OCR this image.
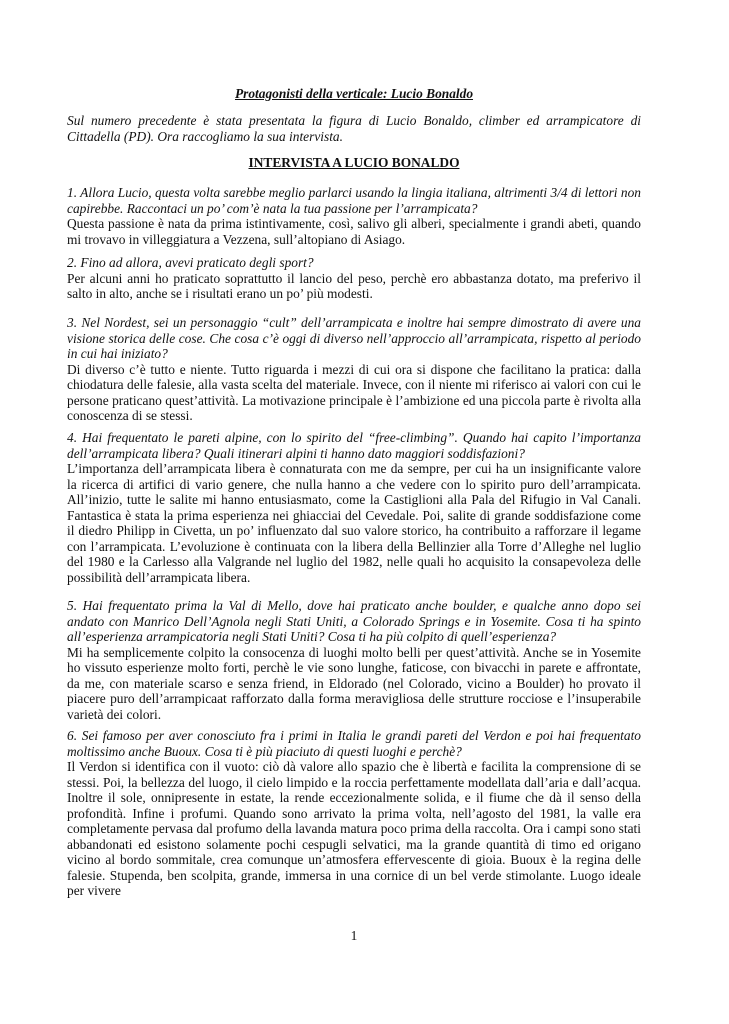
Protagonisti della verticale: Lucio Bonaldo
Sul numero precedente è stata presentata la figura di Lucio Bonaldo, climber ed arrampicatore di Cittadella (PD). Ora raccogliamo la sua intervista.
INTERVISTA A LUCIO BONALDO

1. Allora Lucio, questa volta sarebbe meglio parlarci usando la lingia italiana, altrimenti 3/4 di lettori non capirebbe. Raccontaci un po’ com’è nata la tua passione per l’arrampicata?

Questa passione è nata da prima istintivamente, così, salivo gli alberi, specialmente i grandi abeti, quando mi trovavo in villeggiatura a Vezzena, sull’altopiano di Asiago.

2. Fino ad allora, avevi praticato degli sport?

Per alcuni anni ho praticato soprattutto il lancio del peso, perchè ero abbastanza dotato, ma preferivo il salto in alto, anche se i risultati erano un po’ più modesti.

3. Nel Nordest, sei un personaggio “cult” dell’arrampicata e inoltre hai sempre dimostrato di avere una visione storica delle cose. Che cosa c’è oggi di diverso nell’approccio all’arrampicata, rispetto al periodo in cui hai iniziato?

Di diverso c’è tutto e niente. Tutto riguarda i mezzi di cui ora si dispone che facilitano la pratica: dalla chiodatura delle falesie, alla vasta scelta del materiale. Invece, con il niente mi riferisco ai valori con cui le persone praticano quest’attività. La motivazione principale è l’ambizione ed una piccola parte è rivolta alla conoscenza di se stessi.

4. Hai frequentato le pareti alpine, con lo spirito del “free-climbing”. Quando hai capito l’importanza dell’arrampicata libera? Quali itinerari alpini ti hanno dato maggiori soddisfazioni?

L’importanza dell’arrampicata libera è connaturata con me da sempre, per cui ha un insignificante valore la ricerca di artifici di vario genere, che nulla hanno a che vedere con lo spirito puro dell’arrampicata. All’inizio, tutte le salite mi hanno entusiasmato, come la Castiglioni alla Pala del Rifugio in Val Canali. Fantastica è stata la prima esperienza nei ghiacciai del Cevedale. Poi, salite di grande soddisfazione come il diedro Philipp in Civetta, un po’ influenzato dal suo valore storico, ha contribuito a rafforzare il legame con l’arrampicata. L’evoluzione è continuata con la libera della Bellinzier alla Torre d’Alleghe nel luglio del 1980 e la Carlesso alla Valgrande nel luglio del 1982, nelle quali ho acquisito la consapevoleza delle possibilità dell’arrampicata libera.

5. Hai frequentato prima la Val di Mello, dove hai praticato anche boulder, e qualche anno dopo sei andato con Manrico Dell’Agnola negli Stati Uniti, a Colorado Springs e in Yosemite. Cosa ti ha spinto all’esperienza arrampicatoria negli Stati Uniti? Cosa ti ha più colpito di quell’esperienza?

Mi ha semplicemente colpito la consocenza di luoghi molto belli per quest’attività. Anche se in Yosemite ho vissuto esperienze molto forti, perchè le vie sono lunghe, faticose, con bivacchi in parete e affrontate, da me, con materiale scarso e senza friend, in Eldorado (nel Colorado, vicino a Boulder) ho provato il piacere puro dell’arrampicaat rafforzato dalla forma meravigliosa delle strutture rocciose e l’insuperabile varietà dei colori.

6. Sei famoso per aver conosciuto fra i primi in Italia le grandi pareti del Verdon e poi hai frequentato moltissimo anche Buoux. Cosa ti è più piaciuto di questi luoghi e perchè?

Il Verdon si identifica con il vuoto: ciò dà valore allo spazio che è libertà e facilita la comprensione di se stessi. Poi, la bellezza del luogo, il cielo limpido e la roccia perfettamente modellata dall’aria e dall’acqua. Inoltre il sole, onnipresente in estate, la rende eccezionalmente solida, e il fiume che dà il senso della profondità. Infine i profumi. Quando sono arrivato la prima volta, nell’agosto del 1981, la valle era completamente pervasa dal profumo della lavanda matura poco prima della raccolta. Ora i campi sono stati abbandonati ed esistono solamente pochi cespugli selvatici, ma la grande quantità di timo ed origano vicino al bordo sommitale, crea comunque un’atmosfera effervescente di gioia. Buoux è la regina delle falesie. Stupenda, ben scolpita, grande, immersa in una cornice di un bel verde stimolante. Luogo ideale per vivere

1
